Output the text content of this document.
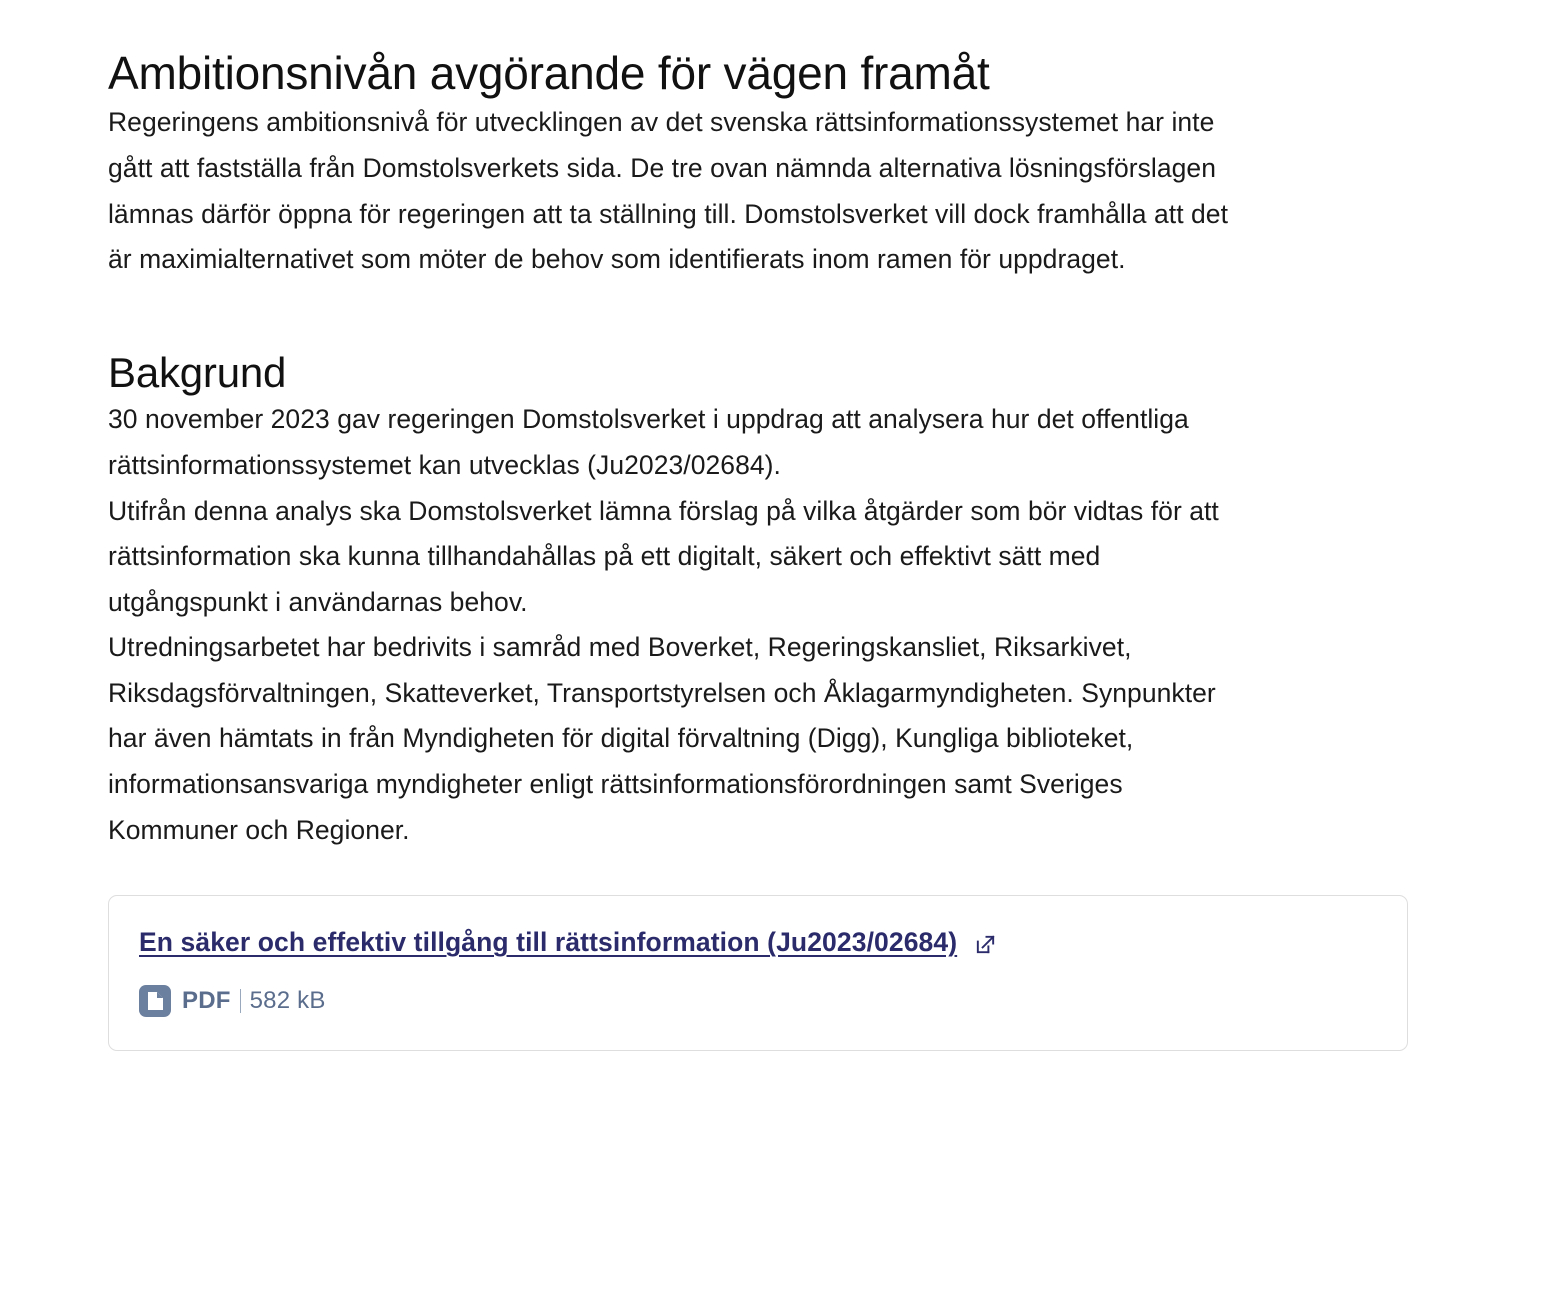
Ambitionsnivån avgörande för vägen framåt

Regeringens ambitionsnivå för utvecklingen av det svenska rättsinformationssystemet har inte gått att fastställa från Domstolsverkets sida. De tre ovan nämnda alternativa lösningsförslagen lämnas därför öppna för regeringen att ta ställning till. Domstolsverket vill dock framhålla att det är maximialternativet som möter de behov som identifierats inom ramen för uppdraget.

Bakgrund

30 november 2023 gav regeringen Domstolsverket i uppdrag att analysera hur det offentliga rättsinformationssystemet kan utvecklas (Ju2023/02684).

Utifrån denna analys ska Domstolsverket lämna förslag på vilka åtgärder som bör vidtas för att rättsinformation ska kunna tillhandahållas på ett digitalt, säkert och effektivt sätt med utgångspunkt i användarnas behov.

Utredningsarbetet har bedrivits i samråd med Boverket, Regeringskansliet, Riksarkivet, Riksdagsförvaltningen, Skatteverket, Transportstyrelsen och Åklagarmyndigheten. Synpunkter har även hämtats in från Myndigheten för digital förvaltning (Digg), Kungliga biblioteket, informationsansvariga myndigheter enligt rättsinformationsförordningen samt Sveriges Kommuner och Regioner.

En säker och effektiv tillgång till rättsinformation (Ju2023/02684)
PDF 582 kB
